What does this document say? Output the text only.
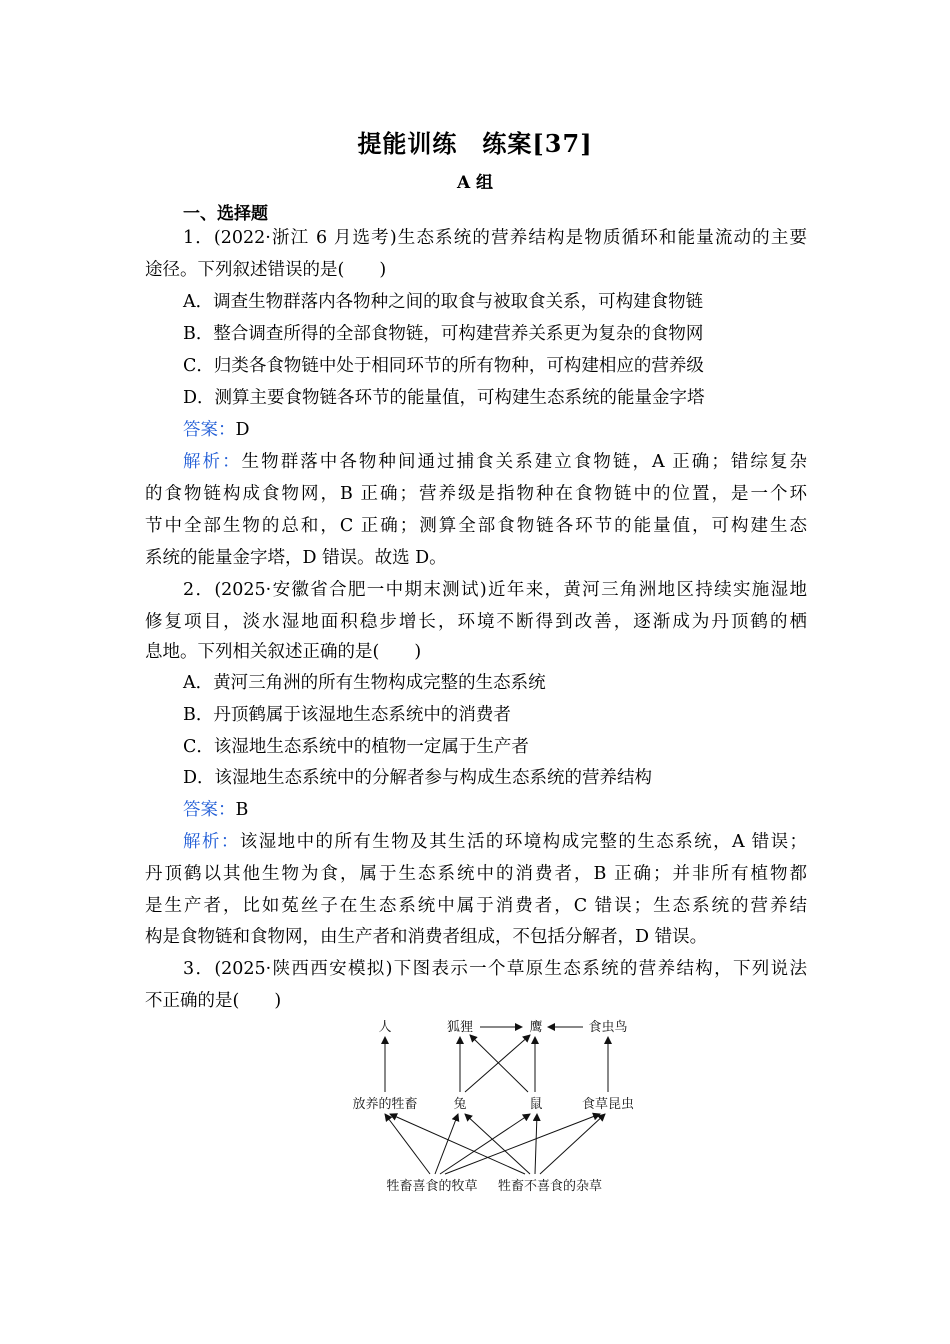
提能训练　练案[37]
A 组
一、选择题
1．(2022·浙江 6 月选考)生态系统的营养结构是物质循环和能量流动的主要
途径。下列叙述错误的是(　　)
A．调查生物群落内各物种之间的取食与被取食关系，可构建食物链
B．整合调查所得的全部食物链，可构建营养关系更为复杂的食物网
C．归类各食物链中处于相同环节的所有物种，可构建相应的营养级
D．测算主要食物链各环节的能量值，可构建生态系统的能量金字塔
答案：D
解析：生物群落中各物种间通过捕食关系建立食物链，A 正确；错综复杂
的食物链构成食物网，B 正确；营养级是指物种在食物链中的位置，是一个环
节中全部生物的总和，C 正确；测算全部食物链各环节的能量值，可构建生态
系统的能量金字塔，D 错误。故选 D。
2．(2025·安徽省合肥一中期末测试)近年来，黄河三角洲地区持续实施湿地
修复项目，淡水湿地面积稳步增长，环境不断得到改善，逐渐成为丹顶鹤的栖
息地。下列相关叙述正确的是(　　)
A．黄河三角洲的所有生物构成完整的生态系统
B．丹顶鹤属于该湿地生态系统中的消费者
C．该湿地生态系统中的植物一定属于生产者
D．该湿地生态系统中的分解者参与构成生态系统的营养结构
答案：B
解析：该湿地中的所有生物及其生活的环境构成完整的生态系统，A 错误；
丹顶鹤以其他生物为食，属于生态系统中的消费者，B 正确；并非所有植物都
是生产者，比如菟丝子在生态系统中属于消费者，C 错误；生态系统的营养结
构是食物链和食物网，由生产者和消费者组成，不包括分解者，D 错误。
3．(2025·陕西西安模拟)下图表示一个草原生态系统的营养结构，下列说法
不正确的是(　　)
人	狐狸	鹰	食虫鸟
放养的牲畜	兔	鼠	食草昆虫
牲畜喜食的牧草 牲畜不喜食的杂草
